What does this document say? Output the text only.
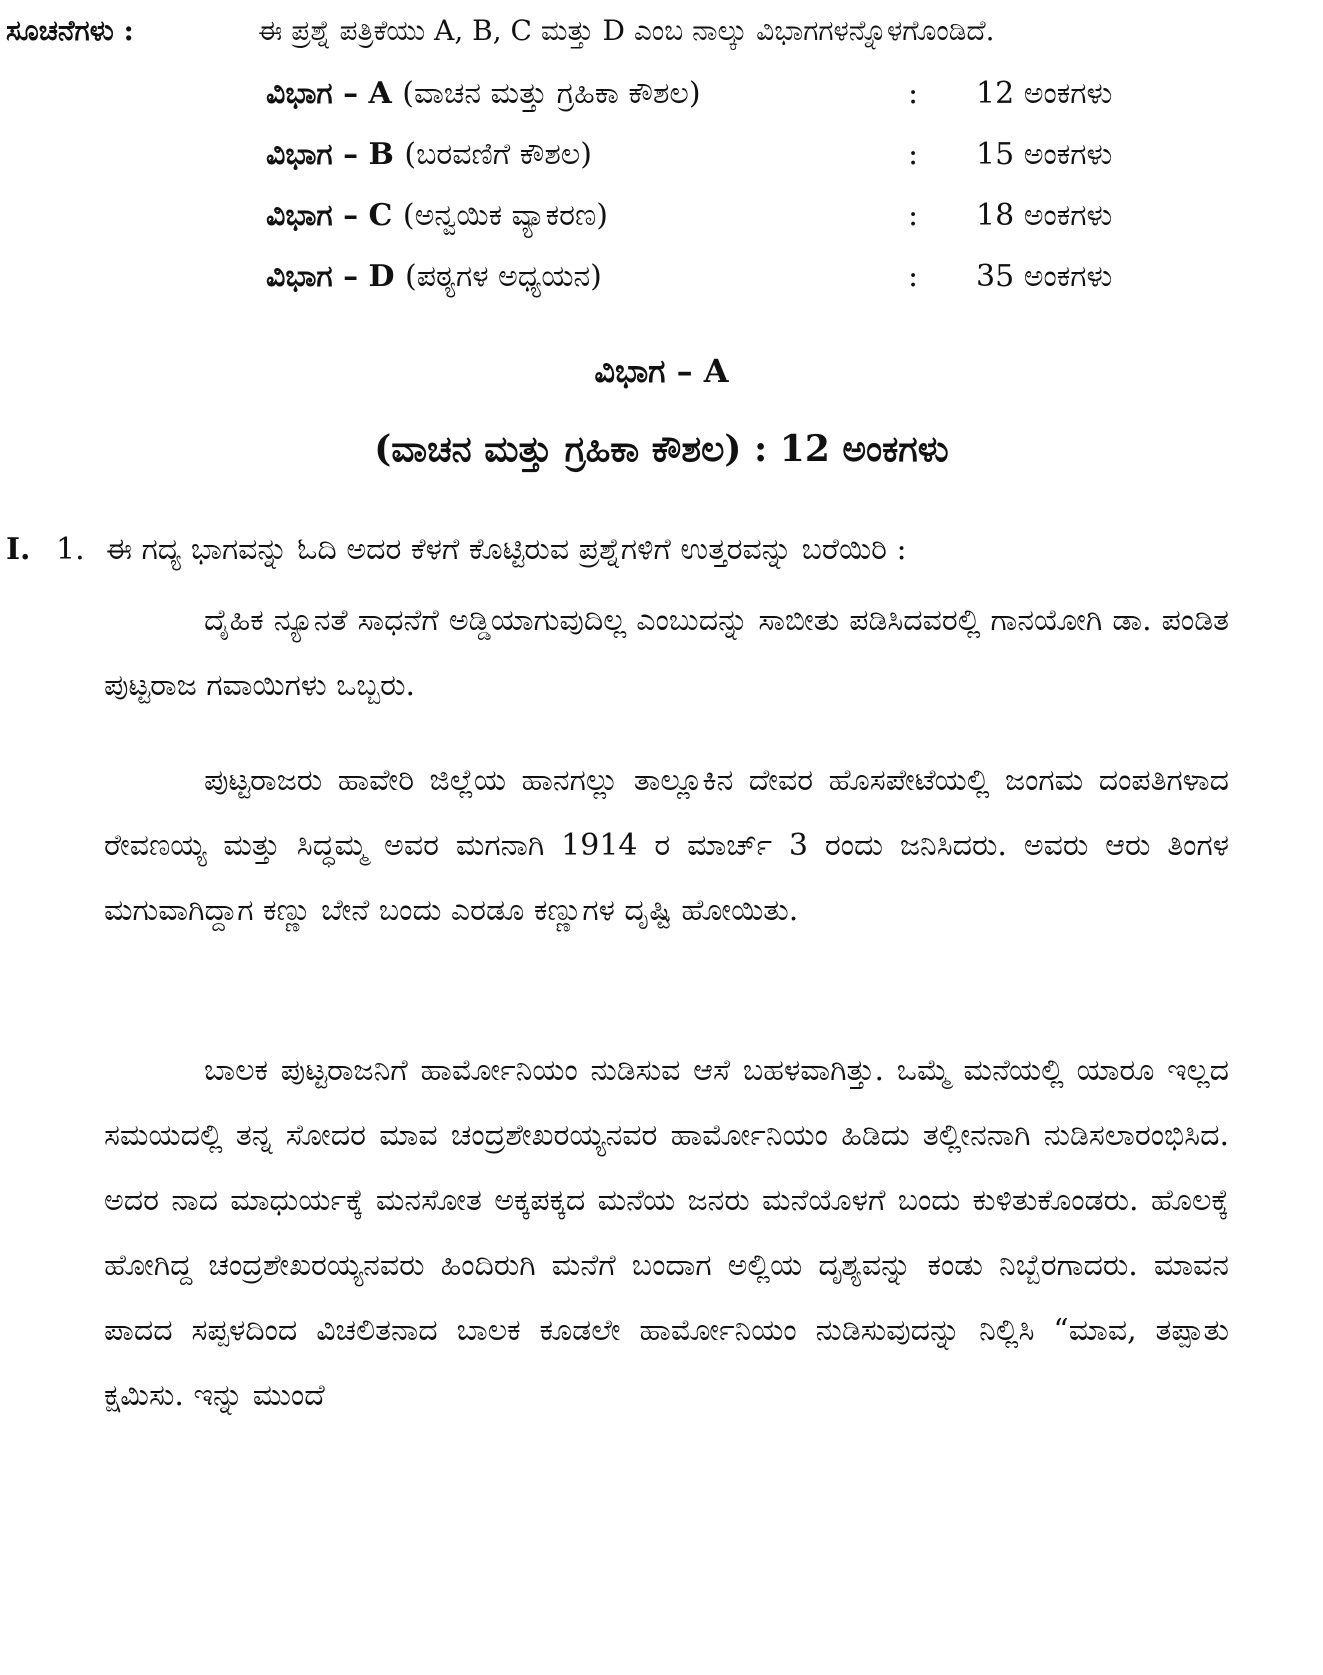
ಸೂಚನೆಗಳು :	ಈ ಪ್ರಶ್ನೆ ಪತ್ರಿಕೆಯು A, B, C ಮತ್ತು D ಎಂಬ ನಾಲ್ಕು ವಿಭಾಗಗಳನ್ನೊಳಗೊಂಡಿದೆ.
ವಿಭಾಗ – A (ವಾಚನ ಮತ್ತು ಗ್ರಹಿಕಾ ಕೌಶಲ)	: 12 ಅಂಕಗಳು
ವಿಭಾಗ – B (ಬರವಣಿಗೆ ಕೌಶಲ)	: 15 ಅಂಕಗಳು
ವಿಭಾಗ – C (ಅನ್ವಯಿಕ ವ್ಯಾಕರಣ)	: 18 ಅಂಕಗಳು
ವಿಭಾಗ – D (ಪಠ್ಯಗಳ ಅಧ್ಯಯನ)	: 35 ಅಂಕಗಳು
ವಿಭಾಗ – A
(ವಾಚನ ಮತ್ತು ಗ್ರಹಿಕಾ ಕೌಶಲ) : 12 ಅಂಕಗಳು
I. 1. ಈ ಗದ್ಯ ಭಾಗವನ್ನು ಓದಿ ಅದರ ಕೆಳಗೆ ಕೊಟ್ಟಿರುವ ಪ್ರಶ್ನೆಗಳಿಗೆ ಉತ್ತರವನ್ನು ಬರೆಯಿರಿ :

ದೈಹಿಕ ನ್ಯೂನತೆ ಸಾಧನೆಗೆ ಅಡ್ಡಿಯಾಗುವುದಿಲ್ಲ ಎಂಬುದನ್ನು ಸಾಬೀತು ಪಡಿಸಿದವರಲ್ಲಿ ಗಾನಯೋಗಿ ಡಾ. ಪಂಡಿತ ಪುಟ್ಟರಾಜ ಗವಾಯಿಗಳು ಒಬ್ಬರು.

ಪುಟ್ಟರಾಜರು ಹಾವೇರಿ ಜಿಲ್ಲೆಯ ಹಾನಗಲ್ಲು ತಾಲ್ಲೂಕಿನ ದೇವರ ಹೊಸಪೇಟೆಯಲ್ಲಿ ಜಂಗಮ ದಂಪತಿಗಳಾದ ರೇವಣಯ್ಯ ಮತ್ತು ಸಿದ್ಧಮ್ಮ ಅವರ ಮಗನಾಗಿ 1914 ರ ಮಾರ್ಚ್ 3 ರಂದು ಜನಿಸಿದರು. ಅವರು ಆರು ತಿಂಗಳ ಮಗುವಾಗಿದ್ದಾಗ ಕಣ್ಣು ಬೇನೆ ಬಂದು ಎರಡೂ ಕಣ್ಣುಗಳ ದೃಷ್ಟಿ ಹೋಯಿತು.

ಬಾಲಕ ಪುಟ್ಟರಾಜನಿಗೆ ಹಾರ್ಮೋನಿಯಂ ನುಡಿಸುವ ಆಸೆ ಬಹಳವಾಗಿತ್ತು. ಒಮ್ಮೆ ಮನೆಯಲ್ಲಿ ಯಾರೂ ಇಲ್ಲದ ಸಮಯದಲ್ಲಿ ತನ್ನ ಸೋದರ ಮಾವ ಚಂದ್ರಶೇಖರಯ್ಯನವರ ಹಾರ್ಮೋನಿಯಂ ಹಿಡಿದು ತಲ್ಲೀನನಾಗಿ ನುಡಿಸಲಾರಂಭಿಸಿದ. ಅದರ ನಾದ ಮಾಧುರ್ಯಕ್ಕೆ ಮನಸೋತ ಅಕ್ಕಪಕ್ಕದ ಮನೆಯ ಜನರು ಮನೆಯೊಳಗೆ ಬಂದು ಕುಳಿತುಕೊಂಡರು. ಹೊಲಕ್ಕೆ ಹೋಗಿದ್ದ ಚಂದ್ರಶೇಖರಯ್ಯನವರು ಹಿಂದಿರುಗಿ ಮನೆಗೆ ಬಂದಾಗ ಅಲ್ಲಿಯ ದೃಶ್ಯವನ್ನು ಕಂಡು ನಿಬ್ಬೆರಗಾದರು. ಮಾವನ ಪಾದದ ಸಪ್ಪಳದಿಂದ ವಿಚಲಿತನಾದ ಬಾಲಕ ಕೂಡಲೇ ಹಾರ್ಮೋನಿಯಂ ನುಡಿಸುವುದನ್ನು ನಿಲ್ಲಿಸಿ “ಮಾವ, ತಪ್ಪಾತು ಕ್ಷಮಿಸು. ಇನ್ನು ಮುಂದೆ
